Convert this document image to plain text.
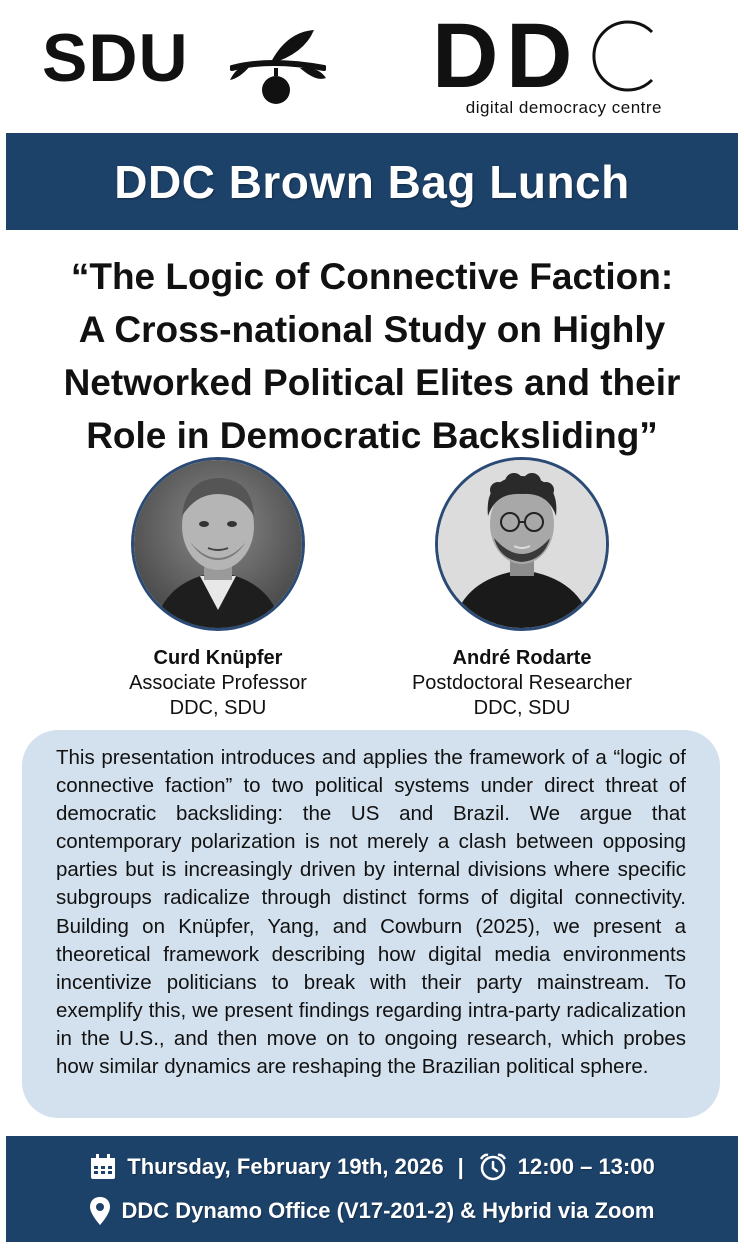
SDU	D D
digital democracy centre
DDC Brown Bag Lunch
“The Logic of Connective Faction:
A Cross-national Study on Highly
Networked Political Elites and their
Role in Democratic Backsliding”
Curd Knüpfer
Associate Professor
DDC, SDU
André Rodarte
Postdoctoral Researcher
DDC, SDU

This presentation introduces and applies the framework of a “logic of connective faction” to two political systems under direct threat of democratic backsliding: the US and Brazil. We argue that contemporary polarization is not merely a clash between opposing parties but is increasingly driven by internal divisions where specific subgroups radicalize through distinct forms of digital connectivity. Building on Knüpfer, Yang, and Cowburn (2025), we present a theoretical framework describing how digital media environments incentivize politicians to break with their party mainstream. To exemplify this, we present findings regarding intra-party radicalization in the U.S., and then move on to ongoing research, which probes how similar dynamics are reshaping the Brazilian political sphere.

Thursday, February 19th, 2026 | 12:00 – 13:00
DDC Dynamo Office (V17-201-2) & Hybrid via Zoom
